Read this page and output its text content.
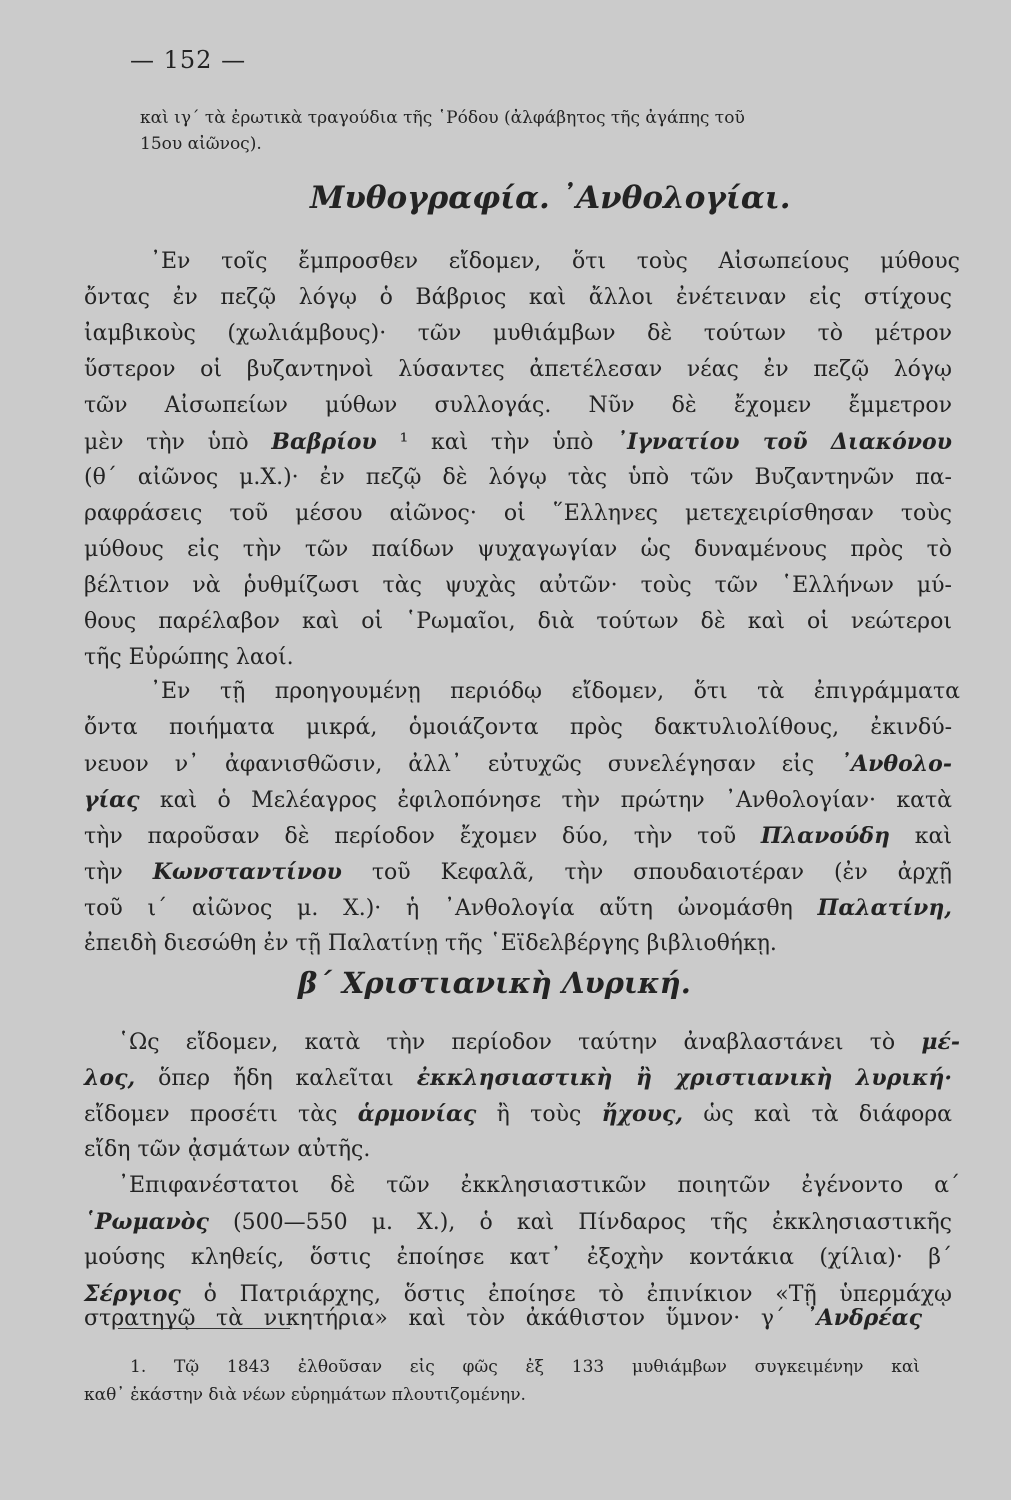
— 152 —
καὶ ιγ΄ τὰ ἐρωτικὰ τραγούδια τῆς ῾Ρόδου (ἀλφάβητος τῆς ἀγάπης τοῦ
15ου αἰῶνος).
Μυθογραφία. ᾿Ανθολογίαι.
᾿Εν τοῖς ἔμπροσθεν εἴδομεν, ὅτι τοὺς Αἰσωπείους μύθους
ὄντας ἐν πεζῷ λόγῳ ὁ Βάβριος καὶ ἄλλοι ἐνέτειναν εἰς στίχους
ἰαμβικοὺς (χωλιάμβους)· τῶν μυθιάμβων δὲ τούτων τὸ μέτρον
ὕστερον οἱ βυζαντηνοὶ λύσαντες ἀπετέλεσαν νέας ἐν πεζῷ λόγῳ
τῶν Αἰσωπείων μύθων συλλογάς. Νῦν δὲ ἔχομεν ἔμμετρον
μὲν τὴν ὑπὸ Βαβρίου ¹ καὶ τὴν ὑπὸ ᾿Ιγνατίου τοῦ Διακόνου
(θ΄ αἰῶνος μ.Χ.)· ἐν πεζῷ δὲ λόγῳ τὰς ὑπὸ τῶν Βυζαντηνῶν πα-
ραφράσεις τοῦ μέσου αἰῶνος· οἱ ῞Ελληνες μετεχειρίσθησαν τοὺς
μύθους εἰς τὴν τῶν παίδων ψυχαγωγίαν ὡς δυναμένους πρὸς τὸ
βέλτιον νὰ ῥυθμίζωσι τὰς ψυχὰς αὐτῶν· τοὺς τῶν ῾Ελλήνων μύ-
θους παρέλαβον καὶ οἱ ῾Ρωμαῖοι, διὰ τούτων δὲ καὶ οἱ νεώτεροι
τῆς Εὐρώπης λαοί.
᾿Εν τῇ προηγουμένῃ περιόδῳ εἴδομεν, ὅτι τὰ ἐπιγράμματα
ὄντα ποιήματα μικρά, ὁμοιάζοντα πρὸς δακτυλιολίθους, ἐκινδύ-
νευον ν᾿ ἀφανισθῶσιν, ἀλλ᾿ εὐτυχῶς συνελέγησαν εἰς ᾿Ανθολο-
γίας καὶ ὁ Μελέαγρος ἐφιλοπόνησε τὴν πρώτην ᾿Ανθολογίαν· κατὰ
τὴν παροῦσαν δὲ περίοδον ἔχομεν δύο, τὴν τοῦ Πλανούδη καὶ
τὴν Κωνσταντίνου τοῦ Κεφαλᾶ, τὴν σπουδαιοτέραν (ἐν ἀρχῇ
τοῦ ι΄ αἰῶνος μ. Χ.)· ἡ ᾿Ανθολογία αὕτη ὠνομάσθη Παλατίνη,
ἐπειδὴ διεσώθη ἐν τῇ Παλατίνῃ τῆς ῾Εϊδελβέργης βιβλιοθήκῃ.
β΄ Χριστιανικὴ Λυρική.
῾Ως εἴδομεν, κατὰ τὴν περίοδον ταύτην ἀναβλαστάνει τὸ μέ-
λος, ὅπερ ἤδη καλεῖται ἐκκλησιαστικὴ ἢ χριστιανικὴ λυρική·
εἴδομεν προσέτι τὰς ἁρμονίας ἢ τοὺς ἤχους, ὡς καὶ τὰ διάφορα
εἴδη τῶν ᾀσμάτων αὐτῆς.
᾿Επιφανέστατοι δὲ τῶν ἐκκλησιαστικῶν ποιητῶν ἐγένοντο α΄
῾Ρωμανὸς (500—550 μ. Χ.), ὁ καὶ Πίνδαρος τῆς ἐκκλησιαστικῆς
μούσης κληθείς, ὅστις ἐποίησε κατ᾿ ἐξοχὴν κοντάκια (χίλια)· β΄
Σέργιος ὁ Πατριάρχης, ὅστις ἐποίησε τὸ ἐπινίκιον «Τῇ ὑπερμάχῳ
στρατηγῷ τὰ νικητήρια» καὶ τὸν ἀκάθιστον ὕμνον· γ΄ ᾿Ανδρέας
1. Τῷ 1843 ἐλθοῦσαν εἰς φῶς ἐξ 133 μυθιάμβων συγκειμένην καὶ
καθ᾿ ἑκάστην διὰ νέων εὑρημάτων πλουτιζομένην.
